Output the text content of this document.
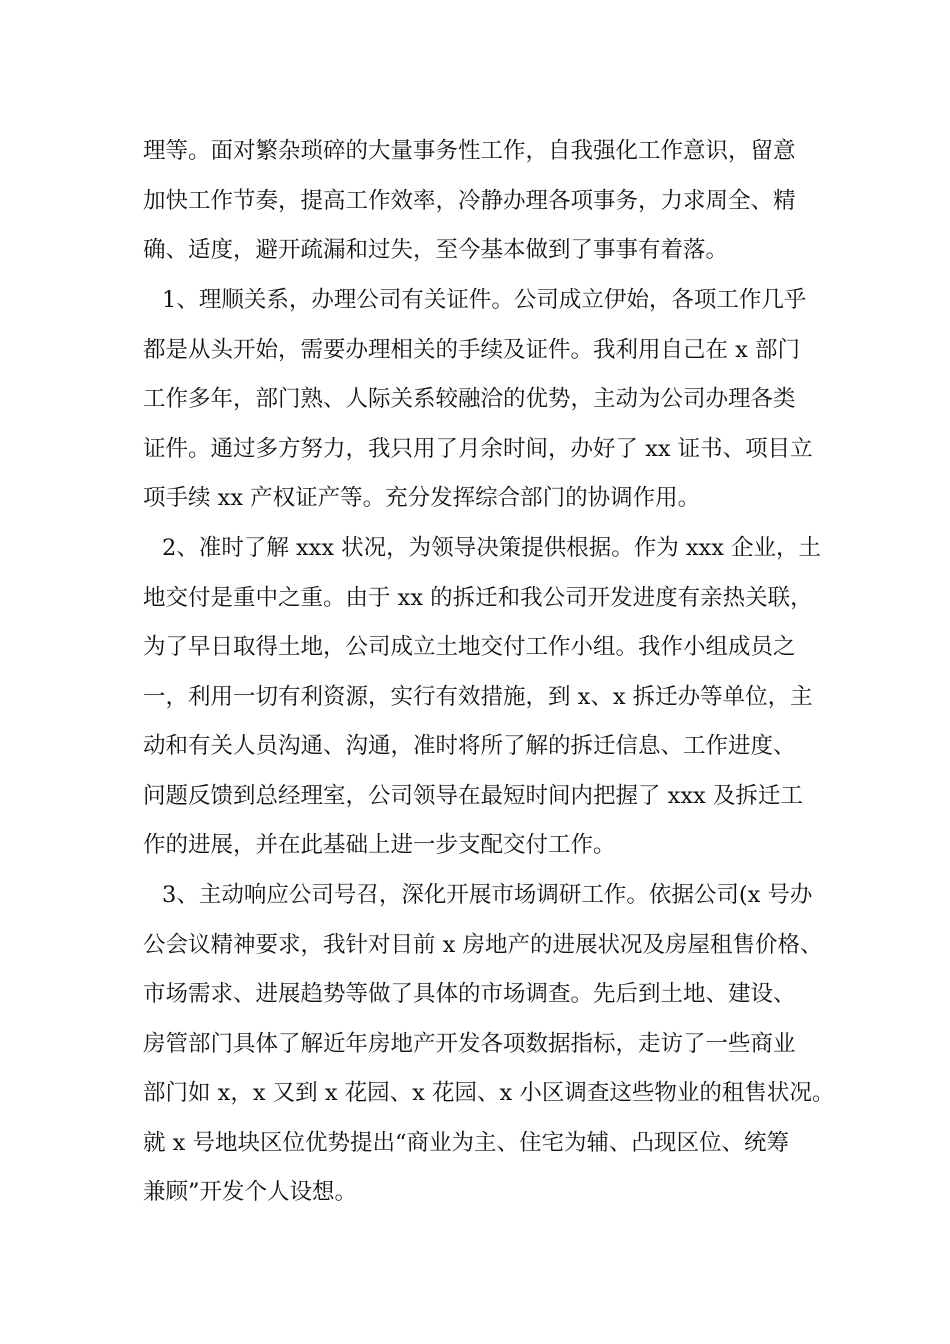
理等。面对繁杂琐碎的大量事务性工作，自我强化工作意识，留意
加快工作节奏，提高工作效率，冷静办理各项事务，力求周全、精
确、适度，避开疏漏和过失，至今基本做到了事事有着落。
1、理顺关系，办理公司有关证件。公司成立伊始，各项工作几乎
都是从头开始，需要办理相关的手续及证件。我利用自己在 x 部门
工作多年，部门熟、人际关系较融洽的优势，主动为公司办理各类
证件。通过多方努力，我只用了月余时间，办好了 xx 证书、项目立
项手续 xx 产权证产等。充分发挥综合部门的协调作用。
2、准时了解 xxx 状况，为领导决策提供根据。作为 xxx 企业，土
地交付是重中之重。由于 xx 的拆迁和我公司开发进度有亲热关联，
为了早日取得土地，公司成立土地交付工作小组。我作小组成员之
一，利用一切有利资源，实行有效措施，到 x、x 拆迁办等单位，主
动和有关人员沟通、沟通，准时将所了解的拆迁信息、工作进度、
问题反馈到总经理室，公司领导在最短时间内把握了 xxx 及拆迁工
作的进展，并在此基础上进一步支配交付工作。
3、主动响应公司号召，深化开展市场调研工作。依据公司(x 号办
公会议精神要求，我针对目前 x 房地产的进展状况及房屋租售价格、
市场需求、进展趋势等做了具体的市场调查。先后到土地、建设、
房管部门具体了解近年房地产开发各项数据指标，走访了一些商业
部门如 x，x 又到 x 花园、x 花园、x 小区调查这些物业的租售状况。
就 x 号地块区位优势提出“商业为主、住宅为辅、凸现区位、统筹
兼顾”开发个人设想。
